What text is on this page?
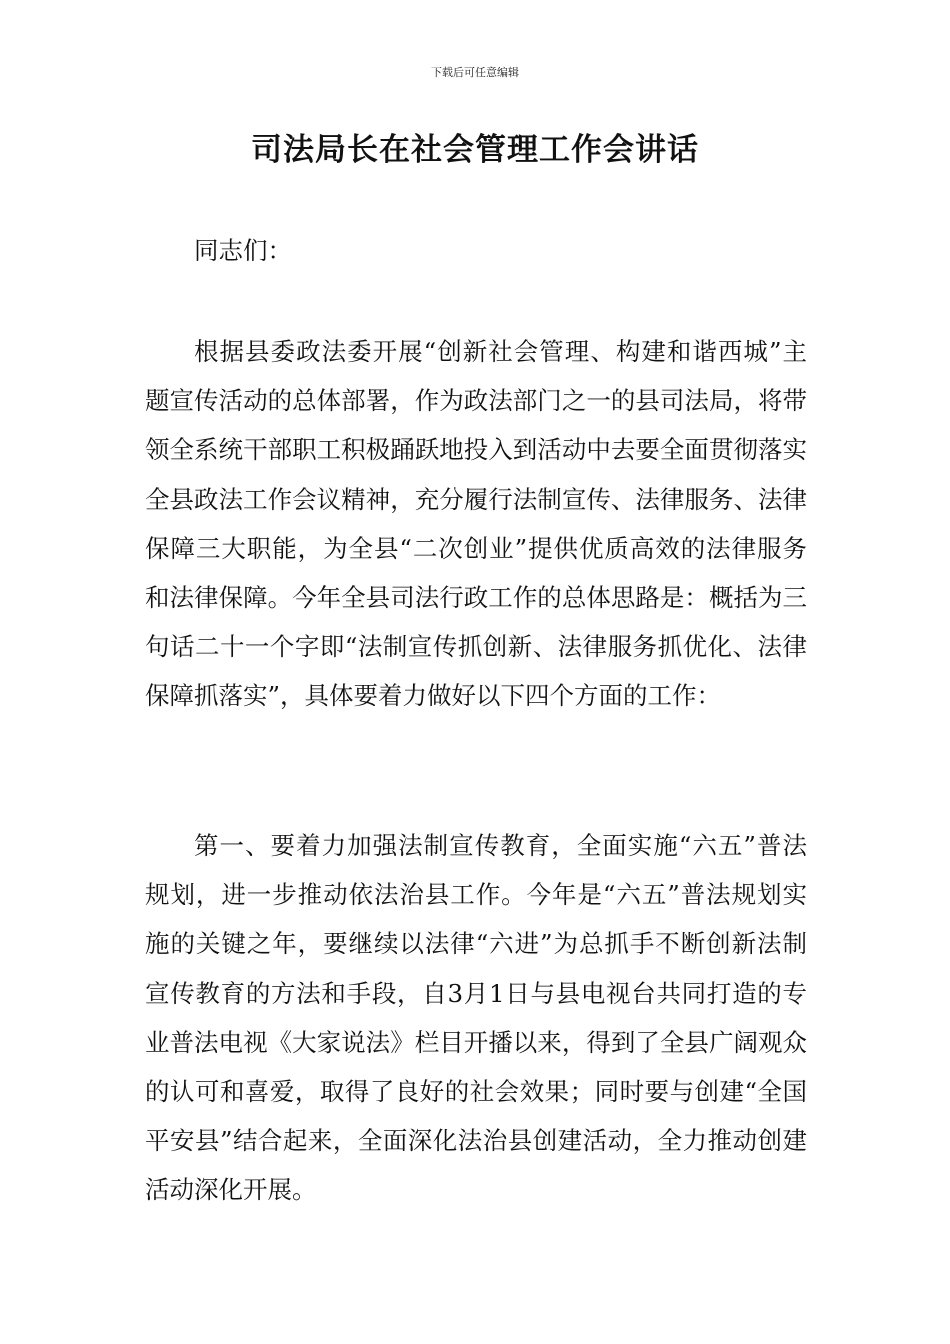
下载后可任意编辑
司法局长在社会管理工作会讲话

同志们：

根据县委政法委开展“创新社会管理、构建和谐西城”主题宣传活动的总体部署，作为政法部门之一的县司法局，将带领全系统干部职工积极踊跃地投入到活动中去要全面贯彻落实全县政法工作会议精神，充分履行法制宣传、法律服务、法律保障三大职能，为全县“二次创业”提供优质高效的法律服务和法律保障。今年全县司法行政工作的总体思路是：概括为三句话二十一个字即“法制宣传抓创新、法律服务抓优化、法律保障抓落实”，具体要着力做好以下四个方面的工作：

第一、要着力加强法制宣传教育，全面实施“六五”普法规划，进一步推动依法治县工作。今年是“六五”普法规划实施的关键之年，要继续以法律“六进”为总抓手不断创新法制宣传教育的方法和手段，自3月1日与县电视台共同打造的专业普法电视《大家说法》栏目开播以来，得到了全县广阔观众的认可和喜爱，取得了良好的社会效果；同时要与创建“全国平安县”结合起来，全面深化法治县创建活动，全力推动创建活动深化开展。
